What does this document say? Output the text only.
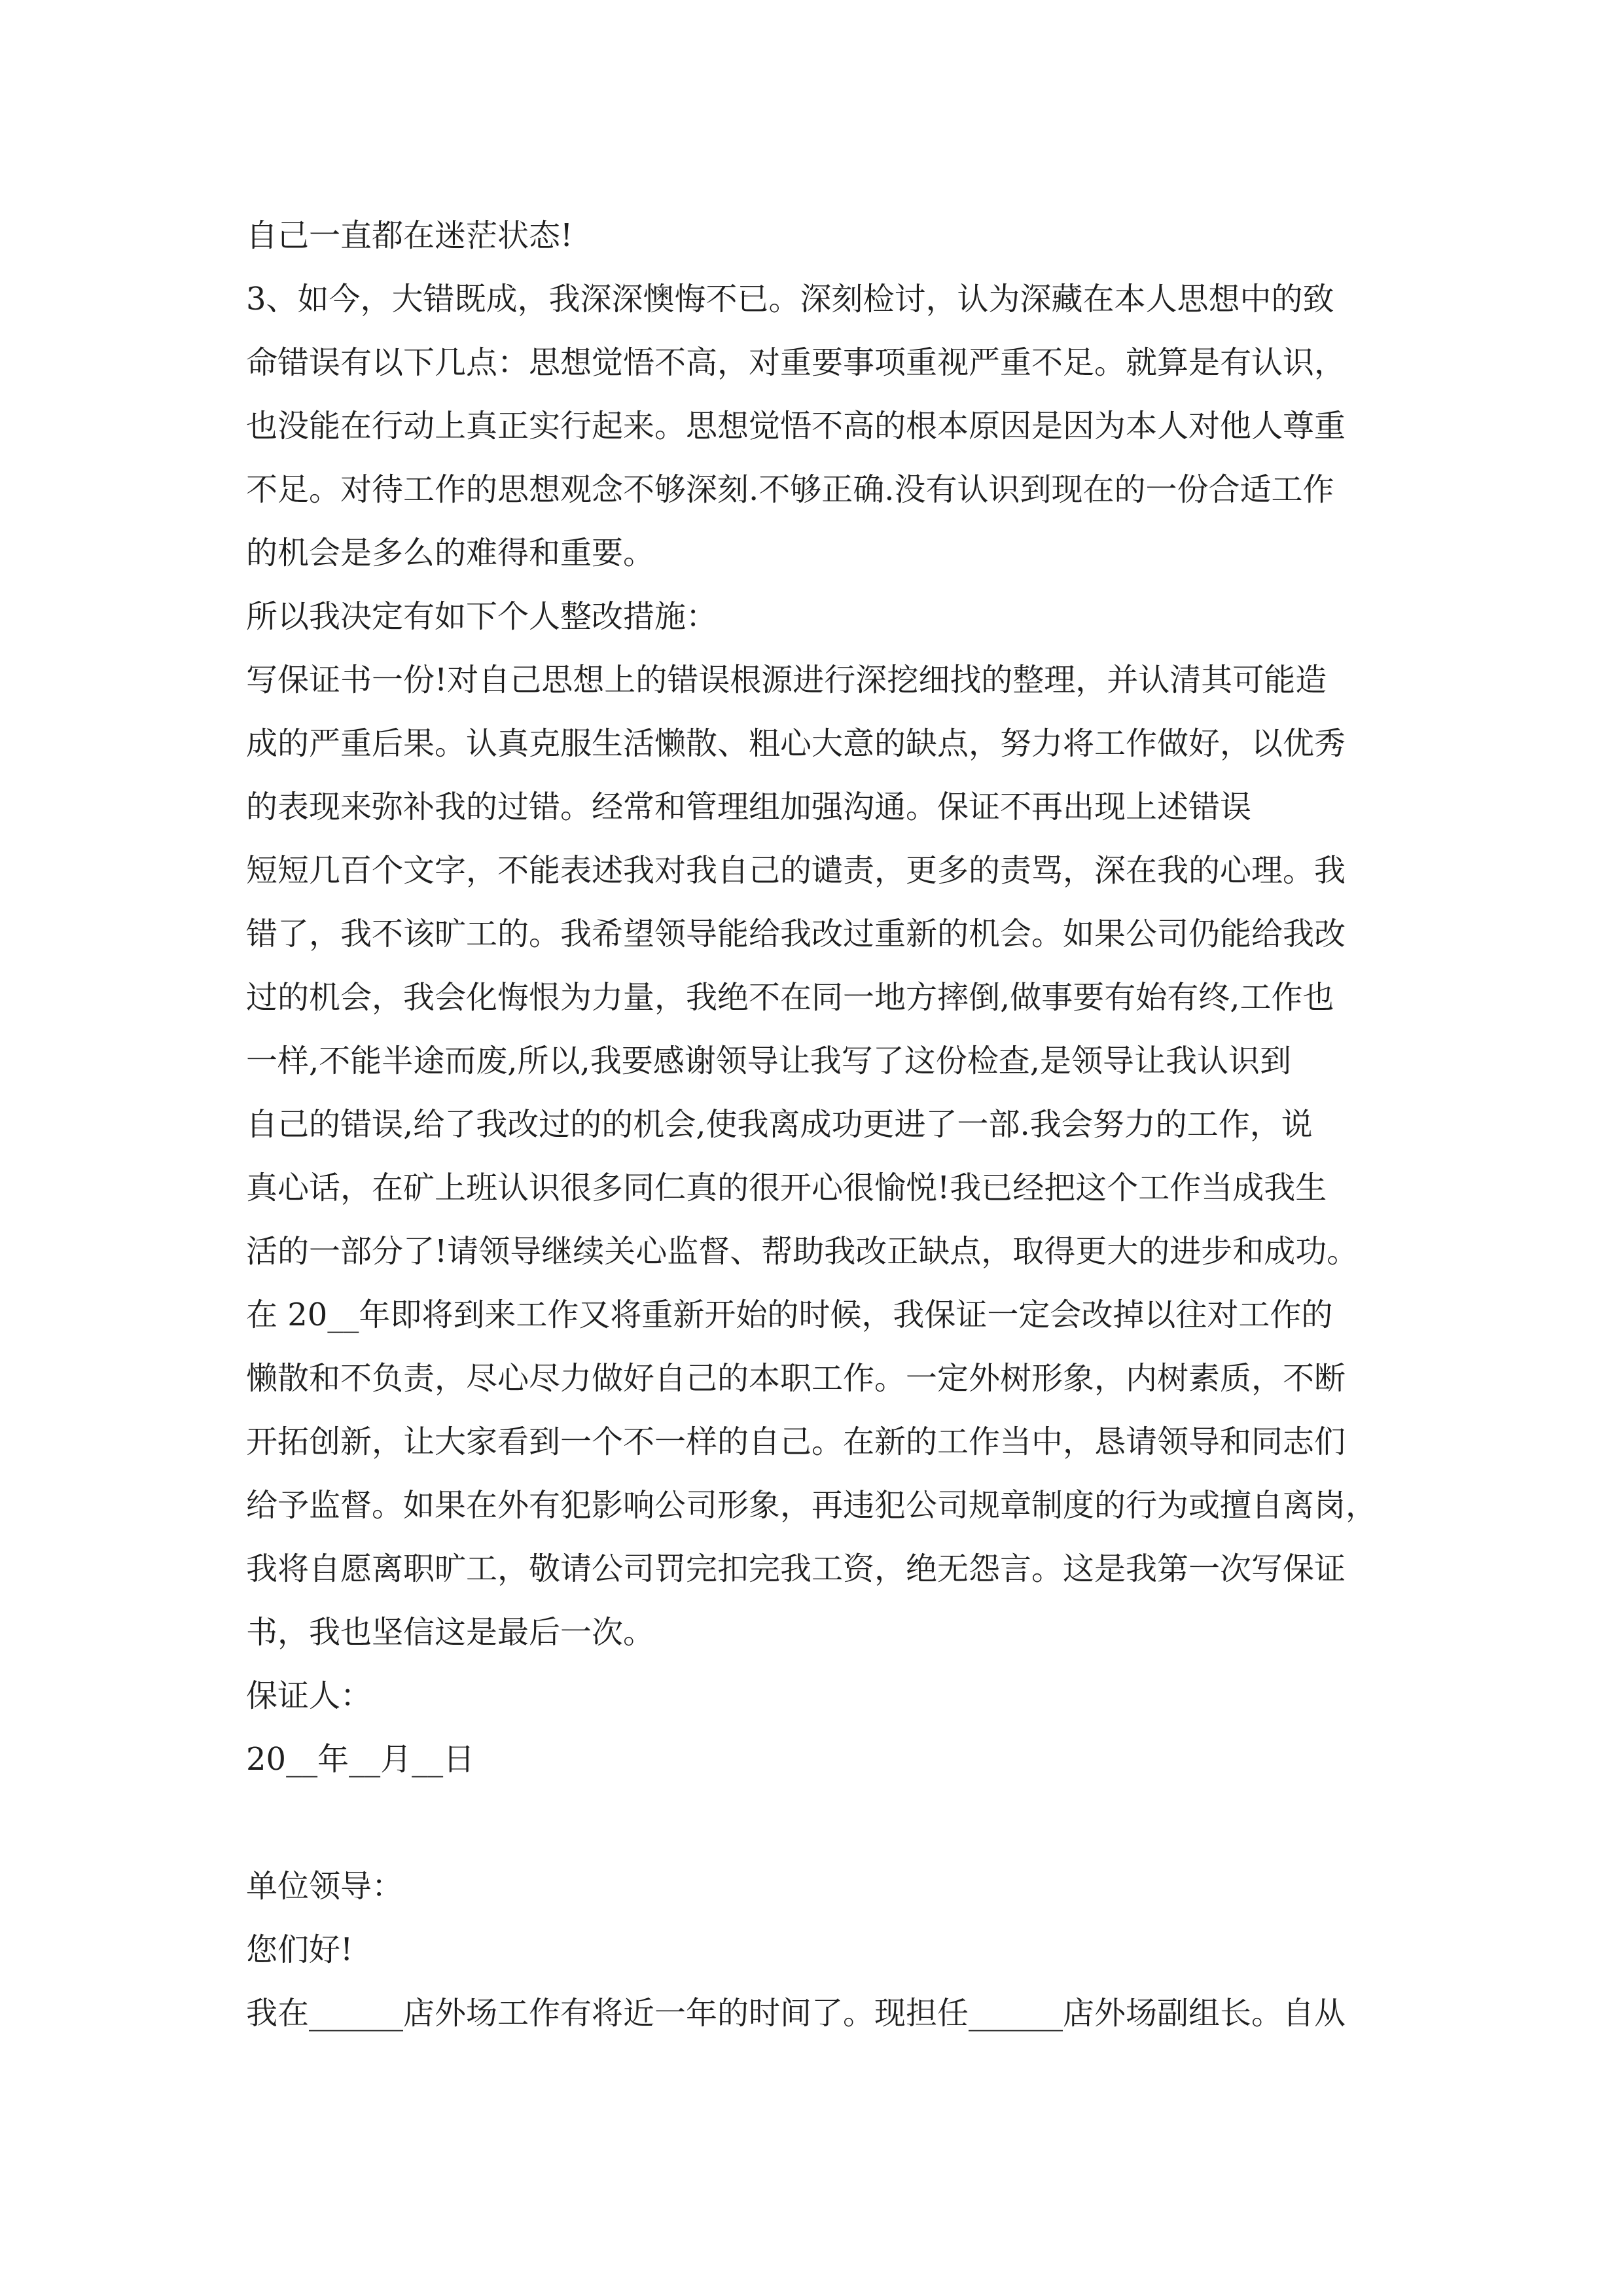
自己一直都在迷茫状态!
3、如今，大错既成，我深深懊悔不已。深刻检讨，认为深藏在本人思想中的致
命错误有以下几点：思想觉悟不高，对重要事项重视严重不足。就算是有认识，
也没能在行动上真正实行起来。思想觉悟不高的根本原因是因为本人对他人尊重
不足。对待工作的思想观念不够深刻.不够正确.没有认识到现在的一份合适工作
的机会是多么的难得和重要。
所以我决定有如下个人整改措施：
写保证书一份!对自己思想上的错误根源进行深挖细找的整理，并认清其可能造
成的严重后果。认真克服生活懒散、粗心大意的缺点，努力将工作做好，以优秀
的表现来弥补我的过错。经常和管理组加强沟通。保证不再出现上述错误
短短几百个文字，不能表述我对我自己的谴责，更多的责骂，深在我的心理。我
错了，我不该旷工的。我希望领导能给我改过重新的机会。如果公司仍能给我改
过的机会，我会化悔恨为力量，我绝不在同一地方摔倒,做事要有始有终,工作也
一样,不能半途而废,所以,我要感谢领导让我写了这份检查,是领导让我认识到
自己的错误,给了我改过的的机会,使我离成功更进了一部.我会努力的工作，说
真心话，在矿上班认识很多同仁真的很开心很愉悦!我已经把这个工作当成我生
活的一部分了!请领导继续关心监督、帮助我改正缺点，取得更大的进步和成功。
在 20__年即将到来工作又将重新开始的时候，我保证一定会改掉以往对工作的
懒散和不负责，尽心尽力做好自己的本职工作。一定外树形象，内树素质，不断
开拓创新，让大家看到一个不一样的自己。在新的工作当中，恳请领导和同志们
给予监督。如果在外有犯影响公司形象，再违犯公司规章制度的行为或擅自离岗，
我将自愿离职旷工，敬请公司罚完扣完我工资，绝无怨言。这是我第一次写保证
书，我也坚信这是最后一次。
保证人：
20__年__月__日
单位领导：
您们好!
我在______店外场工作有将近一年的时间了。现担任______店外场副组长。自从
